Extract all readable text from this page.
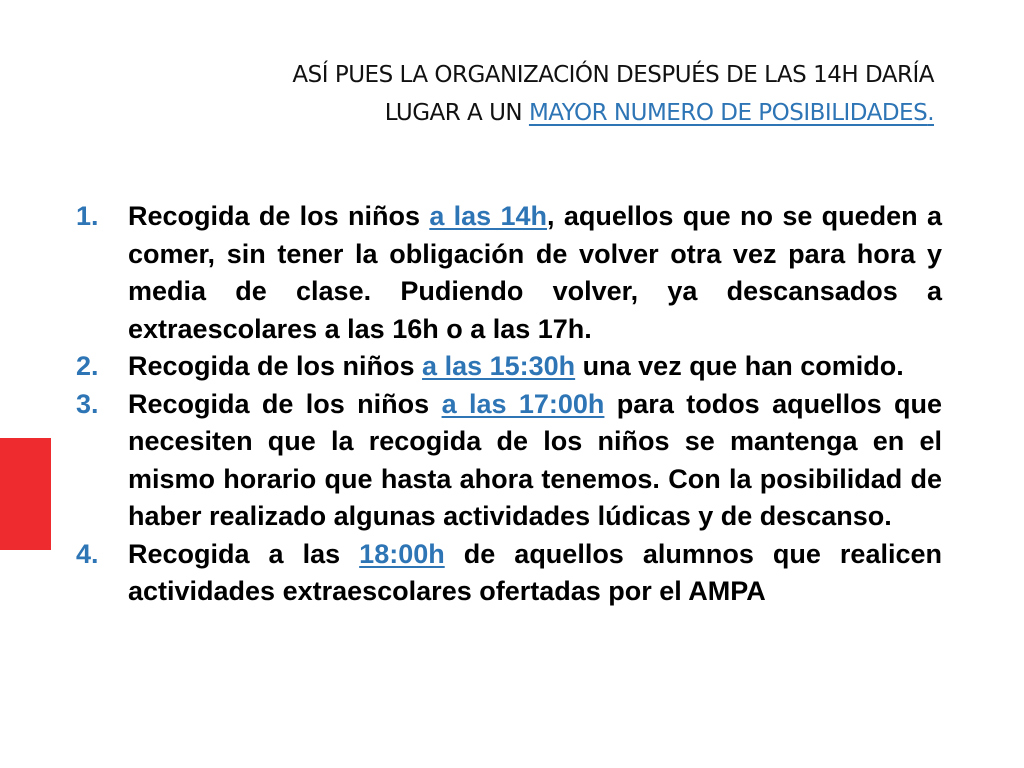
ASÍ PUES LA ORGANIZACIÓN DESPUÉS DE LAS 14H DARÍA
LUGAR A UN MAYOR NUMERO DE POSIBILIDADES.
1. Recogida de los niños a las 14h, aquellos que no se queden a comer, sin tener la obligación de volver otra vez para hora y media de clase. Pudiendo volver, ya descansados a extraescolares a las 16h o a las 17h.
2. Recogida de los niños a las 15:30h una vez que han comido.
3. Recogida de los niños a las 17:00h para todos aquellos que necesiten que la recogida de los niños se mantenga en el mismo horario que hasta ahora tenemos. Con la posibilidad de haber realizado algunas actividades lúdicas y de descanso.
4. Recogida a las 18:00h de aquellos alumnos que realicen actividades extraescolares ofertadas por el AMPA
